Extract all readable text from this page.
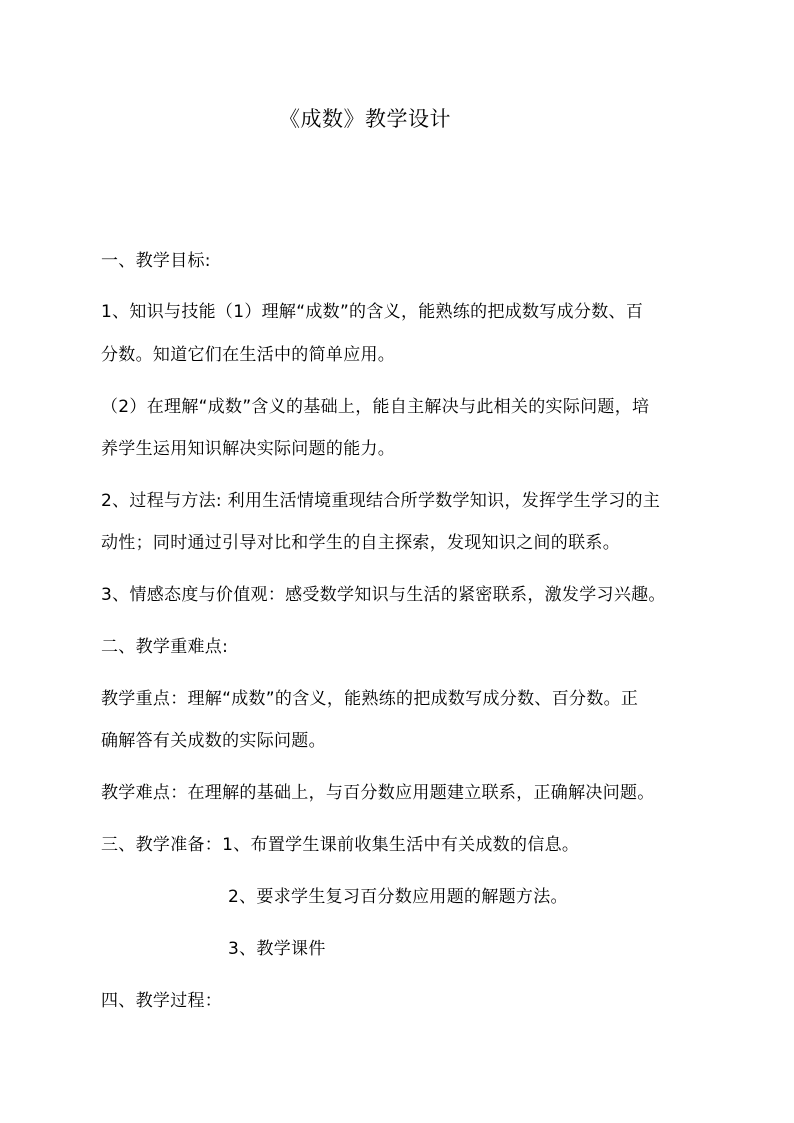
《成数》教学设计
一、教学目标:
1、知识与技能（1）理解“成数”的含义，能熟练的把成数写成分数、百
分数。知道它们在生活中的简单应用。
（2）在理解“成数”含义的基础上，能自主解决与此相关的实际问题，培
养学生运用知识解决实际问题的能力。
2、过程与方法: 利用生活情境重现结合所学数学知识，发挥学生学习的主
动性；同时通过引导对比和学生的自主探索，发现知识之间的联系。
3、情感态度与价值观：感受数学知识与生活的紧密联系，激发学习兴趣。
二、教学重难点:
教学重点：理解“成数”的含义，能熟练的把成数写成分数、百分数。正
确解答有关成数的实际问题。
教学难点：在理解的基础上，与百分数应用题建立联系，正确解决问题。
三、教学准备：1、布置学生课前收集生活中有关成数的信息。
2、要求学生复习百分数应用题的解题方法。
3、教学课件
四、教学过程：
